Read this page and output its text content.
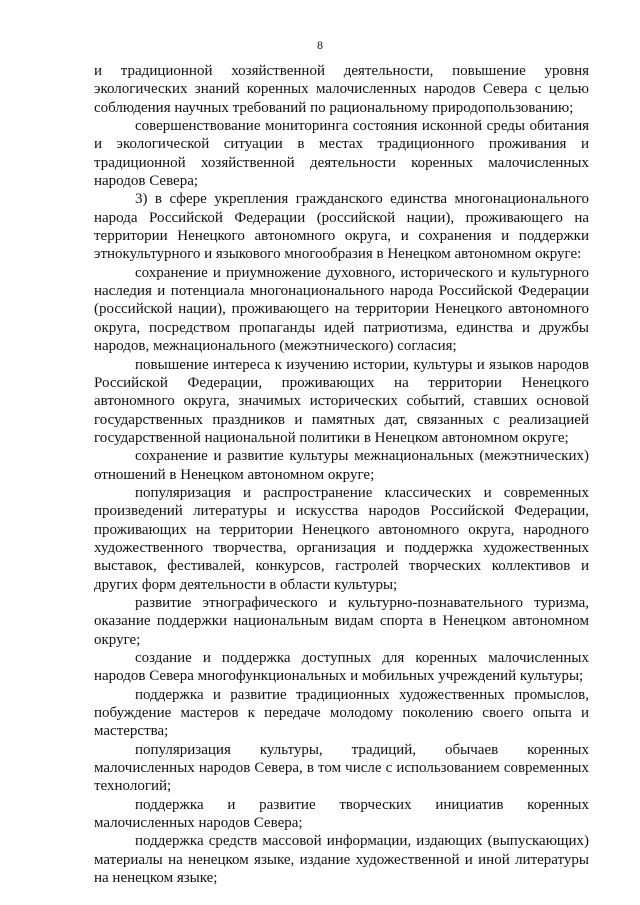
8

и традиционной хозяйственной деятельности, повышение уровня экологических знаний коренных малочисленных народов Севера с целью соблюдения научных требований по рациональному природопользованию;

совершенствование мониторинга состояния исконной среды обитания и экологической ситуации в местах традиционного проживания и традиционной хозяйственной деятельности коренных малочисленных народов Севера;

3) в сфере укрепления гражданского единства многонационального народа Российской Федерации (российской нации), проживающего на территории Ненецкого автономного округа, и сохранения и поддержки этнокультурного и языкового многообразия в Ненецком автономном округе:

сохранение и приумножение духовного, исторического и культурного наследия и потенциала многонационального народа Российской Федерации (российской нации), проживающего на территории Ненецкого автономного округа, посредством пропаганды идей патриотизма, единства и дружбы народов, межнационального (межэтнического) согласия;

повышение интереса к изучению истории, культуры и языков народов Российской Федерации, проживающих на территории Ненецкого автономного округа, значимых исторических событий, ставших основой государственных праздников и памятных дат, связанных с реализацией государственной национальной политики в Ненецком автономном округе;

сохранение и развитие культуры межнациональных (межэтнических) отношений в Ненецком автономном округе;

популяризация и распространение классических и современных произведений литературы и искусства народов Российской Федерации, проживающих на территории Ненецкого автономного округа, народного художественного творчества, организация и поддержка художественных выставок, фестивалей, конкурсов, гастролей творческих коллективов и других форм деятельности в области культуры;

развитие этнографического и культурно-познавательного туризма, оказание поддержки национальным видам спорта в Ненецком автономном округе;

создание и поддержка доступных для коренных малочисленных народов Севера многофункциональных и мобильных учреждений культуры;

поддержка и развитие традиционных художественных промыслов, побуждение мастеров к передаче молодому поколению своего опыта и мастерства;

популяризация культуры, традиций, обычаев коренных малочисленных народов Севера, в том числе с использованием современных технологий;

поддержка и развитие творческих инициатив коренных малочисленных народов Севера;

поддержка средств массовой информации, издающих (выпускающих) материалы на ненецком языке, издание художественной и иной литературы на ненецком языке;
